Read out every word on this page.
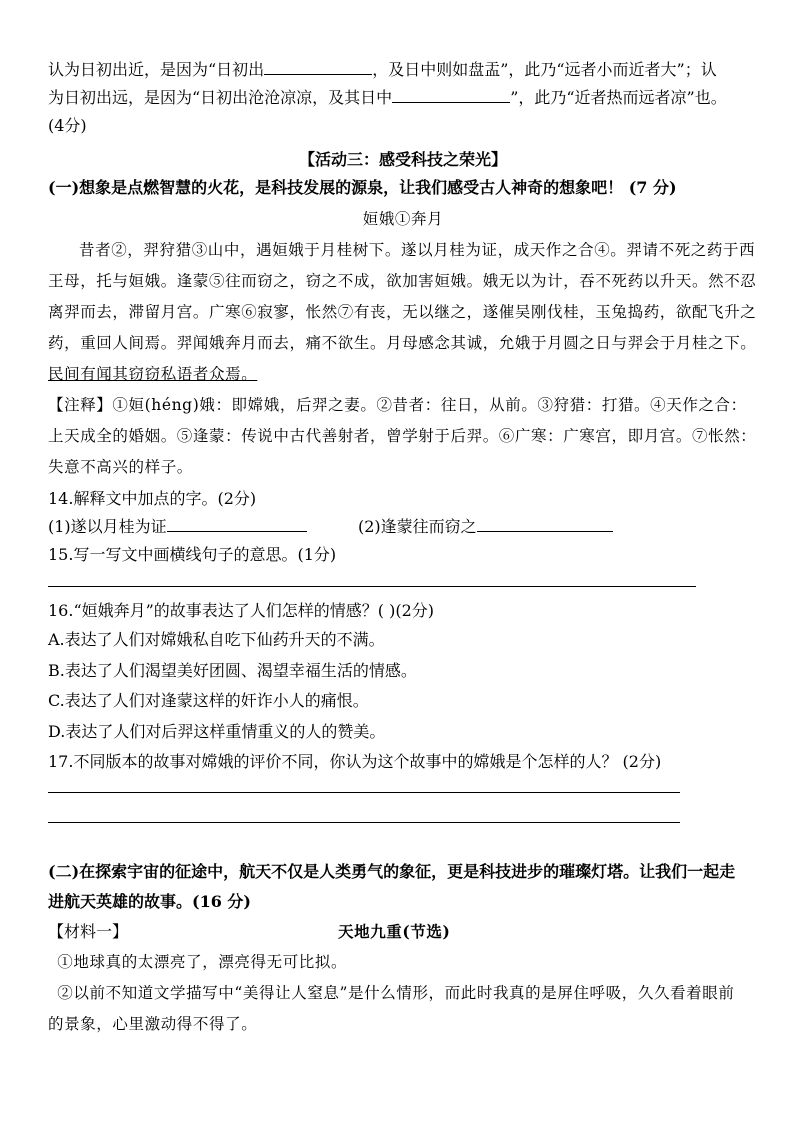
认为日初出近，是因为“日初出	，及日中则如盘盂”，此乃“远者小而近者大”；认

为日初出远，是因为“日初出沧沧凉凉，及其日中	”，此乃“近者热而远者凉”也。

(4分)

【活动三：感受科技之荣光】

(一)想象是点燃智慧的火花，是科技发展的源泉，让我们感受古人神奇的想象吧！ (7 分)

姮娥①奔月

昔者②，羿狩猎③山中，遇姮娥于月桂树下。遂以月桂为证，成天作之合④。羿请不死之药于西

王母，托与姮娥。逢蒙⑤往而窃之，窃之不成，欲加害姮娥。娥无以为计，吞不死药以升天。然不忍

离羿而去，滞留月宫。广寒⑥寂寥，怅然⑦有丧，无以继之，遂催吴刚伐桂，玉兔捣药，欲配飞升之

药，重回人间焉。羿闻娥奔月而去，痛不欲生。月母感念其诚，允娥于月圆之日与羿会于月桂之下。

民间有闻其窃窃私语者众焉。

【注释】①姮(héng)娥：即嫦娥，后羿之妻。②昔者：往日，从前。③狩猎：打猎。④天作之合：

上天成全的婚姻。⑤逢蒙：传说中古代善射者，曾学射于后羿。⑥广寒：广寒宫，即月宫。⑦怅然：

失意不高兴的样子。

14.解释文中加点的字。(2分)

(1)遂以月桂为证	(2)逢蒙往而窃之

15.写一写文中画横线句子的意思。(1分)

16.“姮娥奔月”的故事表达了人们怎样的情感？( )(2分)

A.表达了人们对嫦娥私自吃下仙药升天的不满。

B.表达了人们渴望美好团圆、渴望幸福生活的情感。

C.表达了人们对逢蒙这样的奸诈小人的痛恨。

D.表达了人们对后羿这样重情重义的人的赞美。

17.不同版本的故事对嫦娥的评价不同，你认为这个故事中的嫦娥是个怎样的人？ (2分)

(二)在探索宇宙的征途中，航天不仅是人类勇气的象征，更是科技进步的璀璨灯塔。让我们一起走

进航天英雄的故事。(16 分)

【材料一】	天地九重(节选)

①地球真的太漂亮了，漂亮得无可比拟。

②以前不知道文学描写中“美得让人窒息”是什么情形，而此时我真的是屏住呼吸，久久看着眼前

的景象，心里激动得不得了。
